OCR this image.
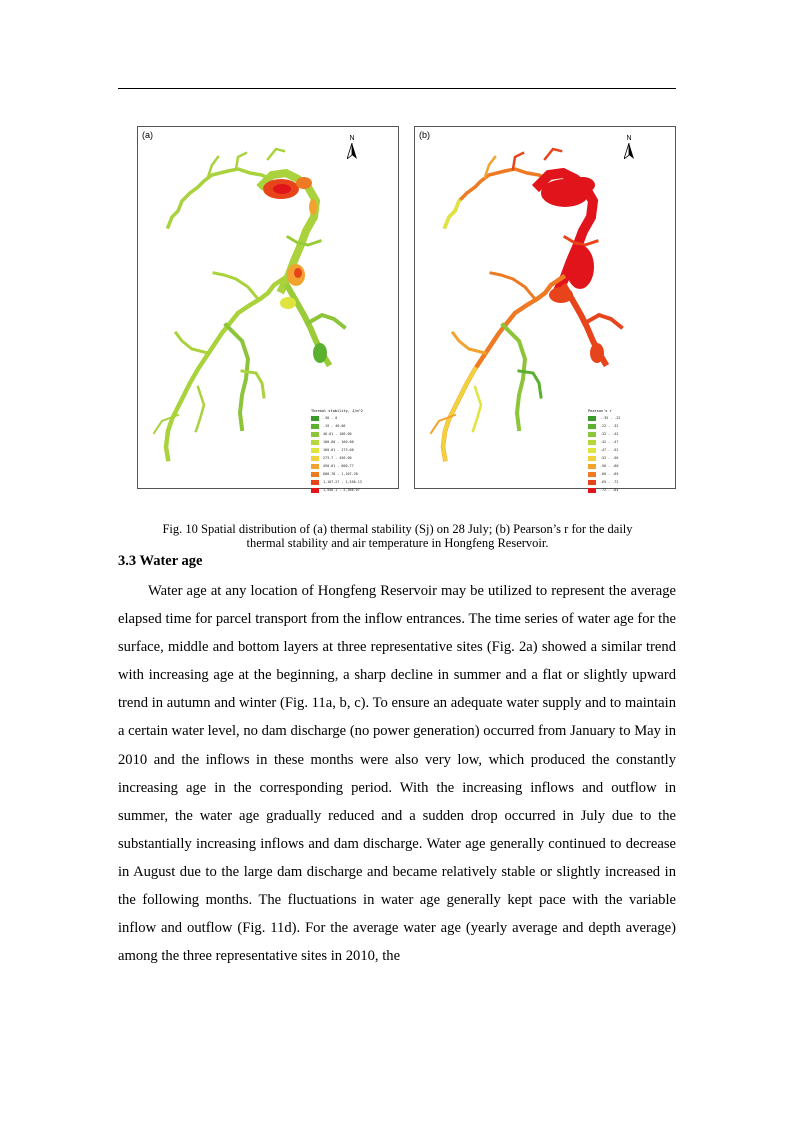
(a)	N
Thermal stability, J/m^2
-30 - 0
-19 - 40.00
40.01 - 100.00
100.00 - 160.00
160.01 - 273.00
273.7 - 450.00
450.01 - 600.77
600.78 - 1,107.28
1,107.27 - 1,556.13
1,556.1 - 2,366.07
(b)	N
Pearson's r
-.35 - .22
.22 - .32
.32 - .42
.42 - .47
.47 - .52
.52 - .56
.56 - .60
.60 - .65
.65 - .72
.72 - .84
Fig. 10 Spatial distribution of (a) thermal stability (Sj) on 28 July; (b) Pearson’s r for the daily
thermal stability and air temperature in Hongfeng Reservoir.
3.3 Water age

Water age at any location of Hongfeng Reservoir may be utilized to represent the average elapsed time for parcel transport from the inflow entrances. The time series of water age for the surface, middle and bottom layers at three representative sites (Fig. 2a) showed a similar trend with increasing age at the beginning, a sharp decline in summer and a flat or slightly upward trend in autumn and winter (Fig. 11a, b, c). To ensure an adequate water supply and to maintain a certain water level, no dam discharge (no power generation) occurred from January to May in 2010 and the inflows in these months were also very low, which produced the constantly increasing age in the corresponding period. With the increasing inflows and outflow in summer, the water age gradually reduced and a sudden drop occurred in July due to the substantially increasing inflows and dam discharge. Water age generally continued to decrease in August due to the large dam discharge and became relatively stable or slightly increased in the following months. The fluctuations in water age generally kept pace with the variable inflow and outflow (Fig. 11d). For the average water age (yearly average and depth average) among the three representative sites in 2010, the
